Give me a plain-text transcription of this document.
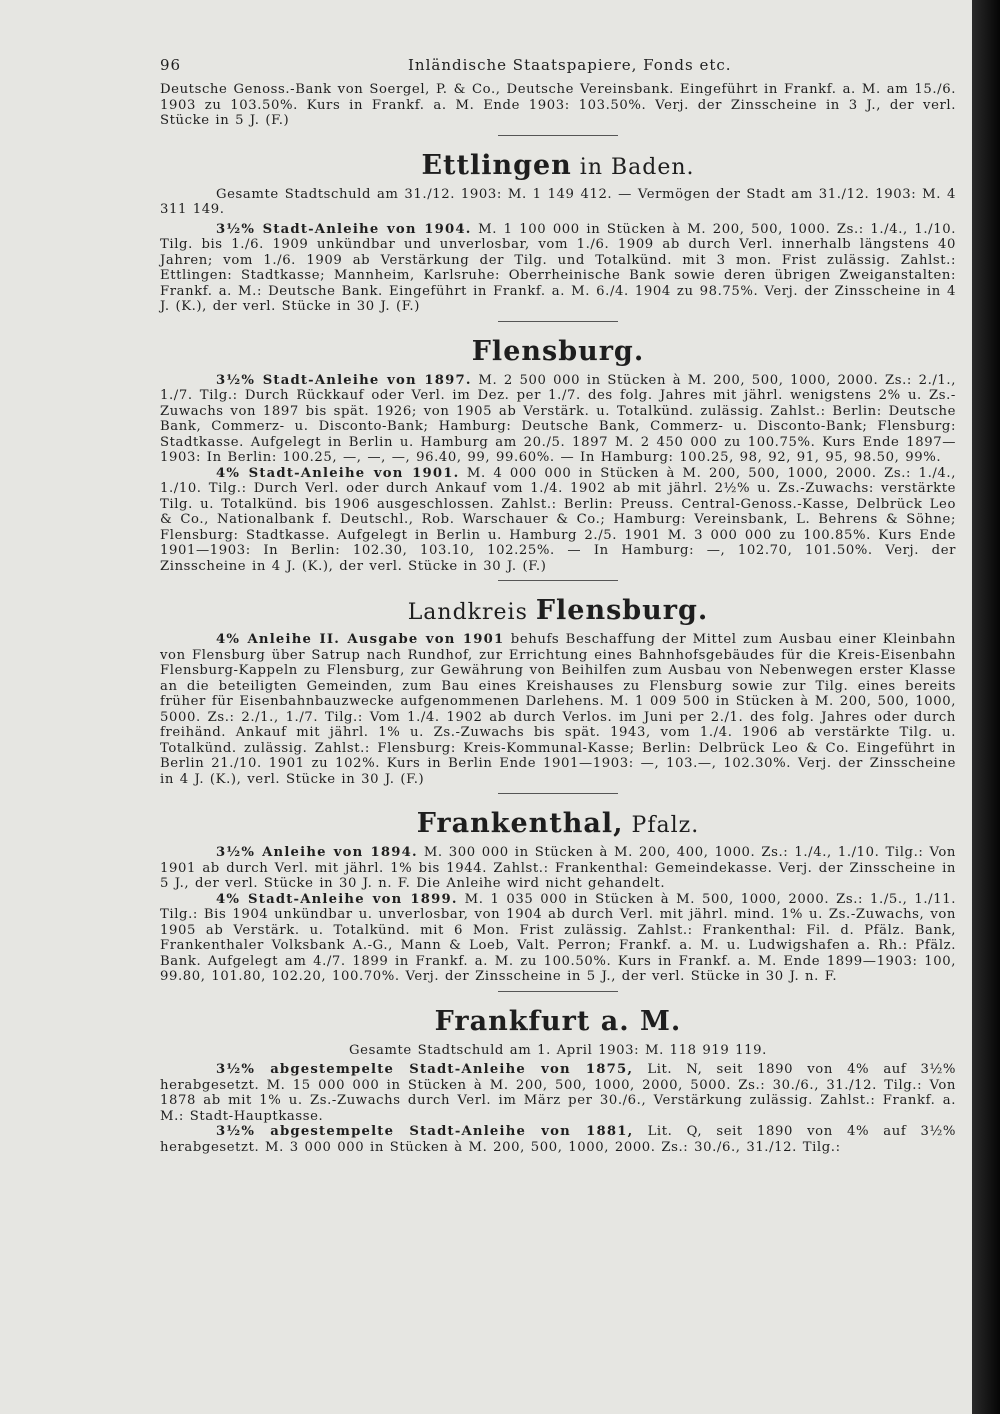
96	Inländische Staatspapiere, Fonds etc.

Deutsche Genoss.-Bank von Soergel, P. & Co., Deutsche Vereinsbank. Eingeführt in Frankf. a. M. am 15./6. 1903 zu 103.50%. Kurs in Frankf. a. M. Ende 1903: 103.50%. Verj. der Zinsscheine in 3 J., der verl. Stücke in 5 J. (F.)

Ettlingen in Baden.

Gesamte Stadtschuld am 31./12. 1903: M. 1 149 412. — Vermögen der Stadt am 31./12. 1903: M. 4 311 149.

3½% Stadt-Anleihe von 1904. M. 1 100 000 in Stücken à M. 200, 500, 1000. Zs.: 1./4., 1./10. Tilg. bis 1./6. 1909 unkündbar und unverlosbar, vom 1./6. 1909 ab durch Verl. innerhalb längstens 40 Jahren; vom 1./6. 1909 ab Verstärkung der Tilg. und Totalkünd. mit 3 mon. Frist zulässig. Zahlst.: Ettlingen: Stadtkasse; Mannheim, Karlsruhe: Oberrheinische Bank sowie deren übrigen Zweiganstalten: Frankf. a. M.: Deutsche Bank. Eingeführt in Frankf. a. M. 6./4. 1904 zu 98.75%. Verj. der Zinsscheine in 4 J. (K.), der verl. Stücke in 30 J. (F.)

Flensburg.

3½% Stadt-Anleihe von 1897. M. 2 500 000 in Stücken à M. 200, 500, 1000, 2000. Zs.: 2./1., 1./7. Tilg.: Durch Rückkauf oder Verl. im Dez. per 1./7. des folg. Jahres mit jährl. wenigstens 2% u. Zs.-Zuwachs von 1897 bis spät. 1926; von 1905 ab Verstärk. u. Totalkünd. zulässig. Zahlst.: Berlin: Deutsche Bank, Commerz- u. Disconto-Bank; Hamburg: Deutsche Bank, Commerz- u. Disconto-Bank; Flensburg: Stadtkasse. Aufgelegt in Berlin u. Hamburg am 20./5. 1897 M. 2 450 000 zu 100.75%. Kurs Ende 1897—1903: In Berlin: 100.25, —, —, —, 96.40, 99, 99.60%. — In Hamburg: 100.25, 98, 92, 91, 95, 98.50, 99%.

4% Stadt-Anleihe von 1901. M. 4 000 000 in Stücken à M. 200, 500, 1000, 2000. Zs.: 1./4., 1./10. Tilg.: Durch Verl. oder durch Ankauf vom 1./4. 1902 ab mit jährl. 2½% u. Zs.-Zuwachs: verstärkte Tilg. u. Totalkünd. bis 1906 ausgeschlossen. Zahlst.: Berlin: Preuss. Central-Genoss.-Kasse, Delbrück Leo & Co., Nationalbank f. Deutschl., Rob. Warschauer & Co.; Hamburg: Vereinsbank, L. Behrens & Söhne; Flensburg: Stadtkasse. Aufgelegt in Berlin u. Hamburg 2./5. 1901 M. 3 000 000 zu 100.85%. Kurs Ende 1901—1903: In Berlin: 102.30, 103.10, 102.25%. — In Hamburg: —, 102.70, 101.50%. Verj. der Zinsscheine in 4 J. (K.), der verl. Stücke in 30 J. (F.)

Landkreis Flensburg.

4% Anleihe II. Ausgabe von 1901 behufs Beschaffung der Mittel zum Ausbau einer Kleinbahn von Flensburg über Satrup nach Rundhof, zur Errichtung eines Bahnhofsgebäudes für die Kreis-Eisenbahn Flensburg-Kappeln zu Flensburg, zur Gewährung von Beihilfen zum Ausbau von Nebenwegen erster Klasse an die beteiligten Gemeinden, zum Bau eines Kreishauses zu Flensburg sowie zur Tilg. eines bereits früher für Eisenbahnbauzwecke aufgenommenen Darlehens. M. 1 009 500 in Stücken à M. 200, 500, 1000, 5000. Zs.: 2./1., 1./7. Tilg.: Vom 1./4. 1902 ab durch Verlos. im Juni per 2./1. des folg. Jahres oder durch freihänd. Ankauf mit jährl. 1% u. Zs.-Zuwachs bis spät. 1943, vom 1./4. 1906 ab verstärkte Tilg. u. Totalkünd. zulässig. Zahlst.: Flensburg: Kreis-Kommunal-Kasse; Berlin: Delbrück Leo & Co. Eingeführt in Berlin 21./10. 1901 zu 102%. Kurs in Berlin Ende 1901—1903: —, 103.—, 102.30%. Verj. der Zinsscheine in 4 J. (K.), verl. Stücke in 30 J. (F.)

Frankenthal, Pfalz.

3½% Anleihe von 1894. M. 300 000 in Stücken à M. 200, 400, 1000. Zs.: 1./4., 1./10. Tilg.: Von 1901 ab durch Verl. mit jährl. 1% bis 1944. Zahlst.: Frankenthal: Gemeindekasse. Verj. der Zinsscheine in 5 J., der verl. Stücke in 30 J. n. F. Die Anleihe wird nicht gehandelt.

4% Stadt-Anleihe von 1899. M. 1 035 000 in Stücken à M. 500, 1000, 2000. Zs.: 1./5., 1./11. Tilg.: Bis 1904 unkündbar u. unverlosbar, von 1904 ab durch Verl. mit jährl. mind. 1% u. Zs.-Zuwachs, von 1905 ab Verstärk. u. Totalkünd. mit 6 Mon. Frist zulässig. Zahlst.: Frankenthal: Fil. d. Pfälz. Bank, Frankenthaler Volksbank A.-G., Mann & Loeb, Valt. Perron; Frankf. a. M. u. Ludwigshafen a. Rh.: Pfälz. Bank. Aufgelegt am 4./7. 1899 in Frankf. a. M. zu 100.50%. Kurs in Frankf. a. M. Ende 1899—1903: 100, 99.80, 101.80, 102.20, 100.70%. Verj. der Zinsscheine in 5 J., der verl. Stücke in 30 J. n. F.

Frankfurt a. M.

Gesamte Stadtschuld am 1. April 1903: M. 118 919 119.

3½% abgestempelte Stadt-Anleihe von 1875, Lit. N, seit 1890 von 4% auf 3½% herabgesetzt. M. 15 000 000 in Stücken à M. 200, 500, 1000, 2000, 5000. Zs.: 30./6., 31./12. Tilg.: Von 1878 ab mit 1% u. Zs.-Zuwachs durch Verl. im März per 30./6., Verstärkung zulässig. Zahlst.: Frankf. a. M.: Stadt-Hauptkasse.

3½% abgestempelte Stadt-Anleihe von 1881, Lit. Q, seit 1890 von 4% auf 3½% herabgesetzt. M. 3 000 000 in Stücken à M. 200, 500, 1000, 2000. Zs.: 30./6., 31./12. Tilg.:
